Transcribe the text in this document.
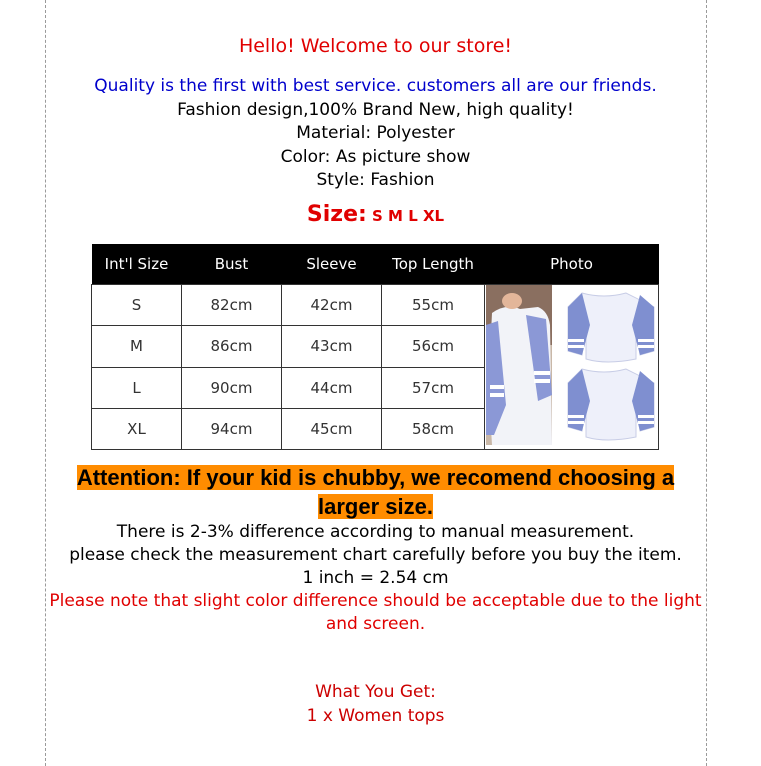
Hello! Welcome to our store!
Quality is the first with best service. customers all are our friends.
Fashion design,100% Brand New, high quality!
Material: Polyester
Color: As picture show
Style: Fashion
Size: S M L XL
Int'l Size	Bust	Sleeve	Top Length	Photo
S	82cm	42cm	55cm	
M	86cm	43cm	56cm	
L	90cm	44cm	57cm	
XL	94cm	45cm	58cm	
Attention: If your kid is chubby, we recomend choosing a larger size.
There is 2-3% difference according to manual measurement.
please check the measurement chart carefully before you buy the item.
1 inch = 2.54 cm
Please note that slight color difference should be acceptable due to the light and screen.
What You Get:
1 x Women tops
